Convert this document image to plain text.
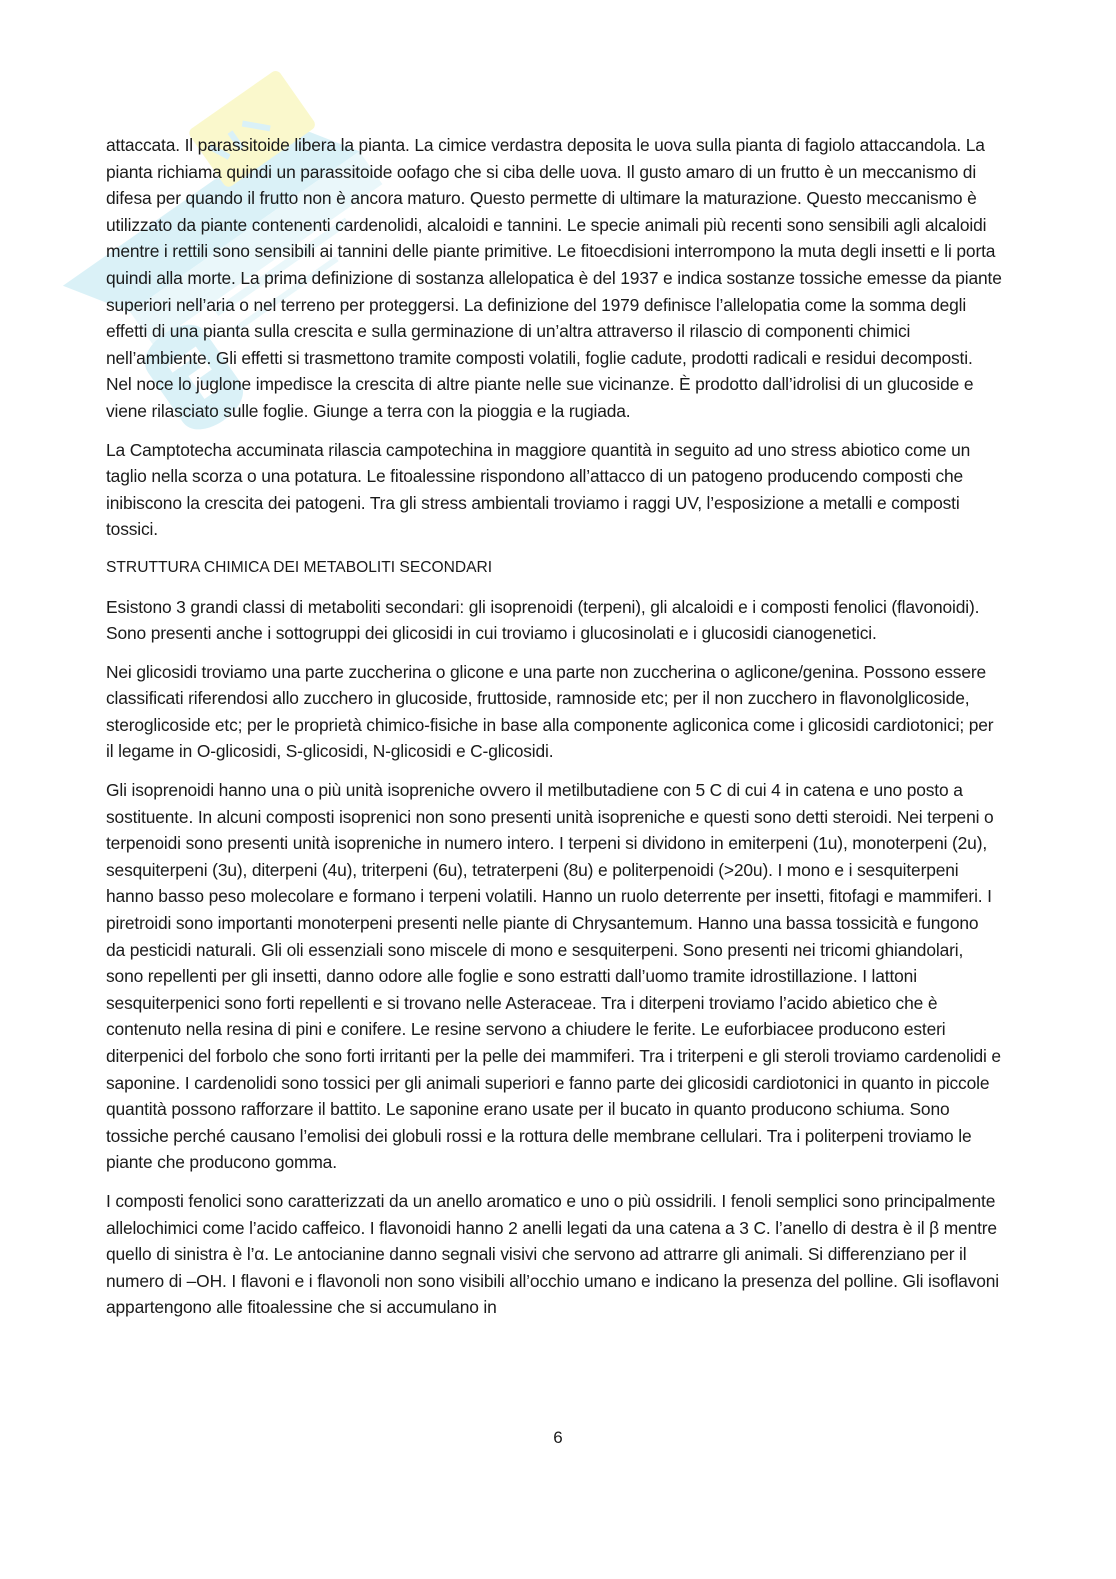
attaccata. Il parassitoide libera la pianta. La cimice verdastra deposita le uova sulla pianta di fagiolo attaccandola. La pianta richiama quindi un parassitoide oofago che si ciba delle uova. Il gusto amaro di un frutto è un meccanismo di difesa per quando il frutto non è ancora maturo. Questo permette di ultimare la maturazione. Questo meccanismo è utilizzato da piante contenenti cardenolidi, alcaloidi e tannini. Le specie animali più recenti sono sensibili agli alcaloidi mentre i rettili sono sensibili ai tannini delle piante primitive. Le fitoecdisioni interrompono la muta degli insetti e li porta quindi alla morte. La prima definizione di sostanza allelopatica è del 1937 e indica sostanze tossiche emesse da piante superiori nell’aria o nel terreno per proteggersi. La definizione del 1979 definisce l’allelopatia come la somma degli effetti di una pianta sulla crescita e sulla germinazione di un’altra attraverso il rilascio di componenti chimici nell’ambiente. Gli effetti si trasmettono tramite composti volatili, foglie cadute, prodotti radicali e residui decomposti. Nel noce lo juglone impedisce la crescita di altre piante nelle sue vicinanze. È prodotto dall’idrolisi di un glucoside e viene rilasciato sulle foglie. Giunge a terra con la pioggia e la rugiada.

La Camptotecha accuminata rilascia campotechina in maggiore quantità in seguito ad uno stress abiotico come un taglio nella scorza o una potatura. Le fitoalessine rispondono all’attacco di un patogeno producendo composti che inibiscono la crescita dei patogeni. Tra gli stress ambientali troviamo i raggi UV, l’esposizione a metalli e composti tossici.

STRUTTURA CHIMICA DEI METABOLITI SECONDARI

Esistono 3 grandi classi di metaboliti secondari: gli isoprenoidi (terpeni), gli alcaloidi e i composti fenolici (flavonoidi). Sono presenti anche i sottogruppi dei glicosidi in cui troviamo i glucosinolati e i glucosidi cianogenetici.

Nei glicosidi troviamo una parte zuccherina o glicone e una parte non zuccherina o aglicone/genina. Possono essere classificati riferendosi allo zucchero in glucoside, fruttoside, ramnoside etc; per il non zucchero in flavonolglicoside, steroglicoside etc; per le proprietà chimico-fisiche in base alla componente agliconica come i glicosidi cardiotonici; per il legame in O-glicosidi, S-glicosidi, N-glicosidi e C-glicosidi.

Gli isoprenoidi hanno una o più unità isopreniche ovvero il metilbutadiene con 5 C di cui 4 in catena e uno posto a sostituente. In alcuni composti isoprenici non sono presenti unità isopreniche e questi sono detti steroidi. Nei terpeni o terpenoidi sono presenti unità isopreniche in numero intero. I terpeni si dividono in emiterpeni (1u), monoterpeni (2u), sesquiterpeni (3u), diterpeni (4u), triterpeni (6u), tetraterpeni (8u) e politerpenoidi (>20u). I mono e i sesquiterpeni hanno basso peso molecolare e formano i terpeni volatili. Hanno un ruolo deterrente per insetti, fitofagi e mammiferi. I piretroidi sono importanti monoterpeni presenti nelle piante di Chrysantemum. Hanno una bassa tossicità e fungono da pesticidi naturali. Gli oli essenziali sono miscele di mono e sesquiterpeni. Sono presenti nei tricomi ghiandolari, sono repellenti per gli insetti, danno odore alle foglie e sono estratti dall’uomo tramite idrostillazione. I lattoni sesquiterpenici sono forti repellenti e si trovano nelle Asteraceae. Tra i diterpeni troviamo l’acido abietico che è contenuto nella resina di pini e conifere. Le resine servono a chiudere le ferite. Le euforbiacee producono esteri diterpenici del forbolo che sono forti irritanti per la pelle dei mammiferi. Tra i triterpeni e gli steroli troviamo cardenolidi e saponine. I cardenolidi sono tossici per gli animali superiori e fanno parte dei glicosidi cardiotonici in quanto in piccole quantità possono rafforzare il battito. Le saponine erano usate per il bucato in quanto producono schiuma. Sono tossiche perché causano l’emolisi dei globuli rossi e la rottura delle membrane cellulari. Tra i politerpeni troviamo le piante che producono gomma.

I composti fenolici sono caratterizzati da un anello aromatico e uno o più ossidrili. I fenoli semplici sono principalmente allelochimici come l’acido caffeico. I flavonoidi hanno 2 anelli legati da una catena a 3 C. l’anello di destra è il β mentre quello di sinistra è l’α. Le antocianine danno segnali visivi che servono ad attrarre gli animali. Si differenziano per il numero di –OH. I flavoni e i flavonoli non sono visibili all’occhio umano e indicano la presenza del polline. Gli isoflavoni appartengono alle fitoalessine che si accumulano in

6
